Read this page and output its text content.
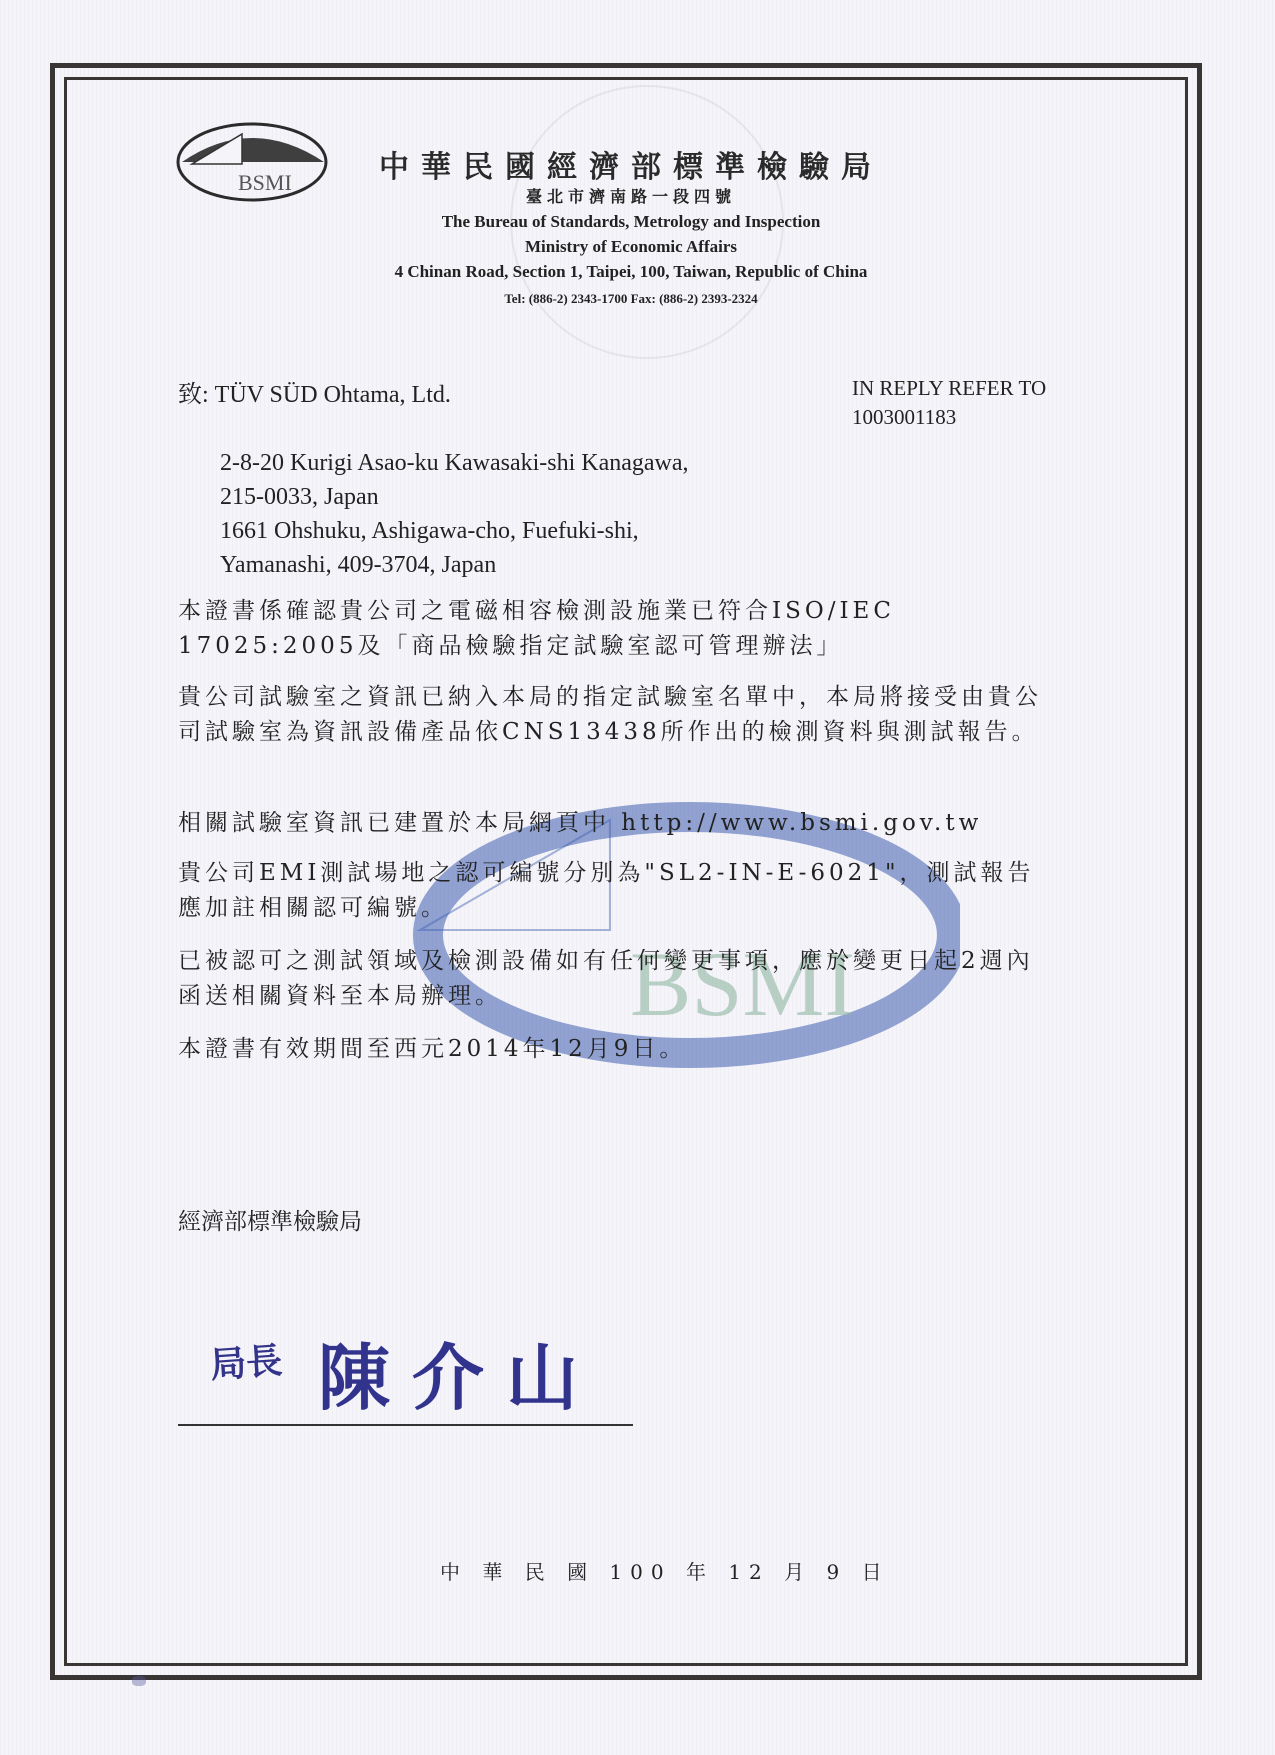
BSMI
BSMI	中華民國經濟部標準檢驗局
臺北市濟南路一段四號
The Bureau of Standards, Metrology and Inspection
Ministry of Economic Affairs
4 Chinan Road, Section 1, Taipei, 100, Taiwan, Republic of China
Tel: (886-2) 2343-1700 Fax: (886-2) 2393-2324
致: TÜV SÜD Ohtama, Ltd.	IN REPLY REFER TO
1003001183
2-8-20 Kurigi Asao-ku Kawasaki-shi Kanagawa,
215-0033, Japan
1661 Ohshuku, Ashigawa-cho, Fuefuki-shi,
Yamanashi, 409-3704, Japan
本證書係確認貴公司之電磁相容檢測設施業已符合ISO/IEC 17025:2005及「商品檢驗指定試驗室認可管理辦法」
貴公司試驗室之資訊已納入本局的指定試驗室名單中，本局將接受由貴公司試驗室為資訊設備產品依CNS13438所作出的檢測資料與測試報告。
相關試驗室資訊已建置於本局網頁中 http://www.bsmi.gov.tw
貴公司EMI測試場地之認可編號分別為"SL2-IN-E-6021"，測試報告應加註相關認可編號。
已被認可之測試領域及檢測設備如有任何變更事項，應於變更日起2週內函送相關資料至本局辦理。
本證書有效期間至西元2014年12月9日。
經濟部標準檢驗局
局長 陳介山
中 華 民 國 100 年 12 月 9 日
